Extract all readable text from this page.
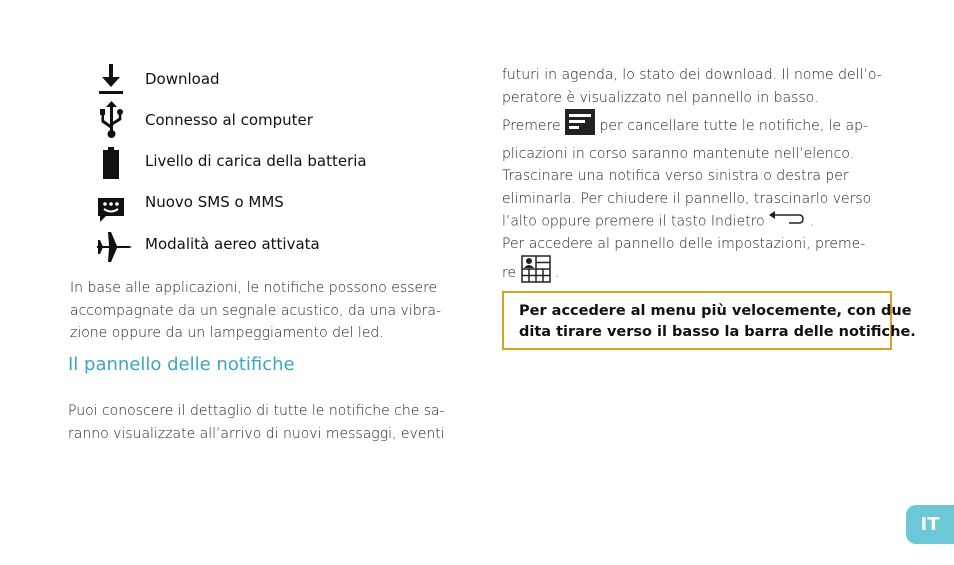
Download
Connesso al computer
Livello di carica della batteria
Nuovo SMS o MMS
Modalità aereo attivata

In base alle applicazioni, le notifiche possono essere

accompagnate da un segnale acustico, da una vibra-

zione oppure da un lampeggiamento del led.

Il pannello delle notifiche

Puoi conoscere il dettaglio di tutte le notifiche che sa-

ranno visualizzate all’arrivo di nuovi messaggi, eventi

futuri in agenda, lo stato dei download. Il nome dell’o-

peratore è visualizzato nel pannello in basso.

Premere	per cancellare tutte le notifiche, le ap-

plicazioni in corso saranno mantenute nell’elenco.

Trascinare una notifica verso sinistra o destra per

eliminarla. Per chiudere il pannello, trascinarlo verso

l’alto oppure premere il tasto Indietro	.

Per accedere al pannello delle impostazioni, preme-

re	.

Per accedere al menu più velocemente, con due

dita tirare verso il basso la barra delle notifiche.

IT
